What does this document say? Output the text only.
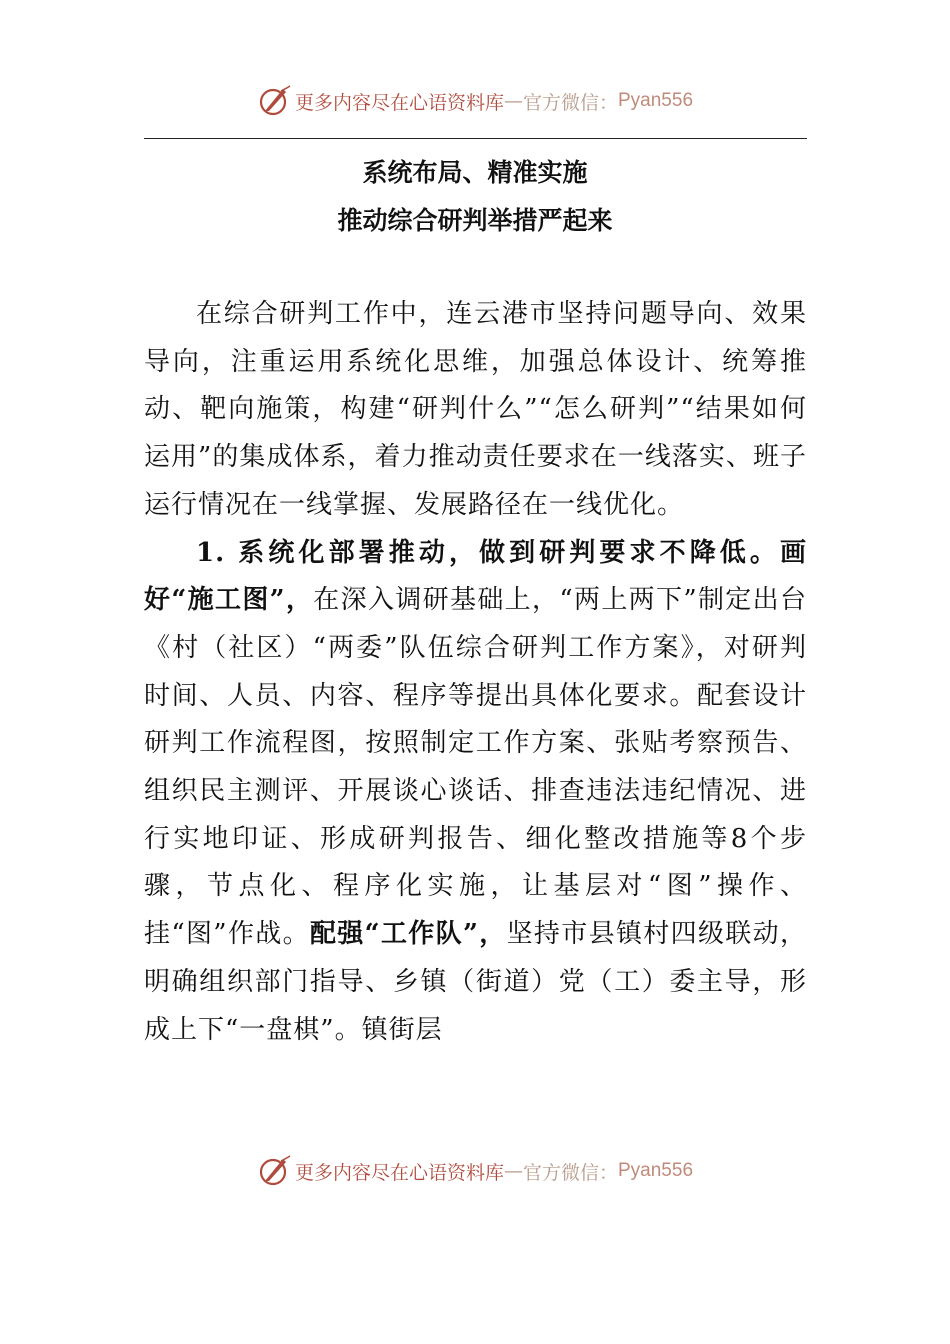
更多内容尽在心语资料库 — 官方微信： Pyan556
系统布局、精准实施
推动综合研判举措严起来

在综合研判工作中，连云港市坚持问题导向、效果导向，注重运用系统化思维，加强总体设计、统筹推动、靶向施策，构建“研判什么”“怎么研判”“结果如何运用”的集成体系，着力推动责任要求在一线落实、班子运行情况在一线掌握、发展路径在一线优化。

1. 系统化部署推动，做到研判要求不降低。画好“施工图”，在深入调研基础上，“两上两下”制定出台《村（社区）“两委”队伍综合研判工作方案》，对研判时间、人员、内容、程序等提出具体化要求。配套设计研判工作流程图，按照制定工作方案、张贴考察预告、组织民主测评、开展谈心谈话、排查违法违纪情况、进行实地印证、形成研判报告、细化整改措施等8个步骤，节点化、程序化实施，让基层对“图”操作、挂“图”作战。配强“工作队”，坚持市县镇村四级联动，明确组织部门指导、乡镇（街道）党（工）委主导，形成上下“一盘棋”。镇街层

更多内容尽在心语资料库 — 官方微信： Pyan556
